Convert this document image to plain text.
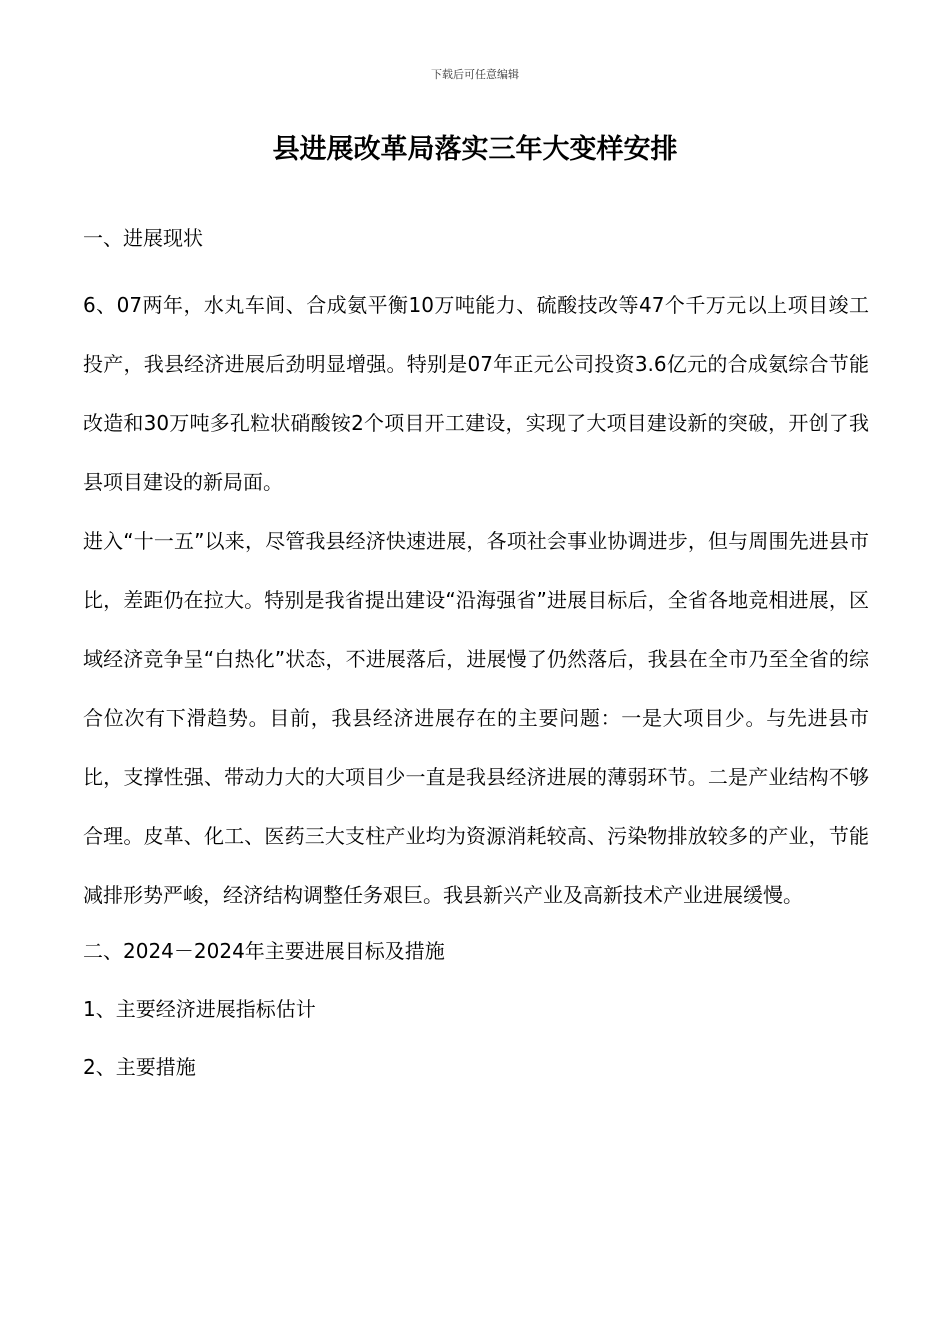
下载后可任意编辑
县进展改革局落实三年大变样安排

一、进展现状

6、07两年，水丸车间、合成氨平衡10万吨能力、硫酸技改等47个千万元以上项目竣工投产，我县经济进展后劲明显增强。特别是07年正元公司投资3.6亿元的合成氨综合节能改造和30万吨多孔粒状硝酸铵2个项目开工建设，实现了大项目建设新的突破，开创了我县项目建设的新局面。

进入“十一五”以来，尽管我县经济快速进展，各项社会事业协调进步，但与周围先进县市比，差距仍在拉大。特别是我省提出建设“沿海强省”进展目标后，全省各地竞相进展，区域经济竞争呈“白热化”状态，不进展落后，进展慢了仍然落后，我县在全市乃至全省的综合位次有下滑趋势。目前，我县经济进展存在的主要问题：一是大项目少。与先进县市比，支撑性强、带动力大的大项目少一直是我县经济进展的薄弱环节。二是产业结构不够合理。皮革、化工、医药三大支柱产业均为资源消耗较高、污染物排放较多的产业，节能减排形势严峻，经济结构调整任务艰巨。我县新兴产业及高新技术产业进展缓慢。

二、2024－2024年主要进展目标及措施

1、主要经济进展指标估计

2、主要措施
